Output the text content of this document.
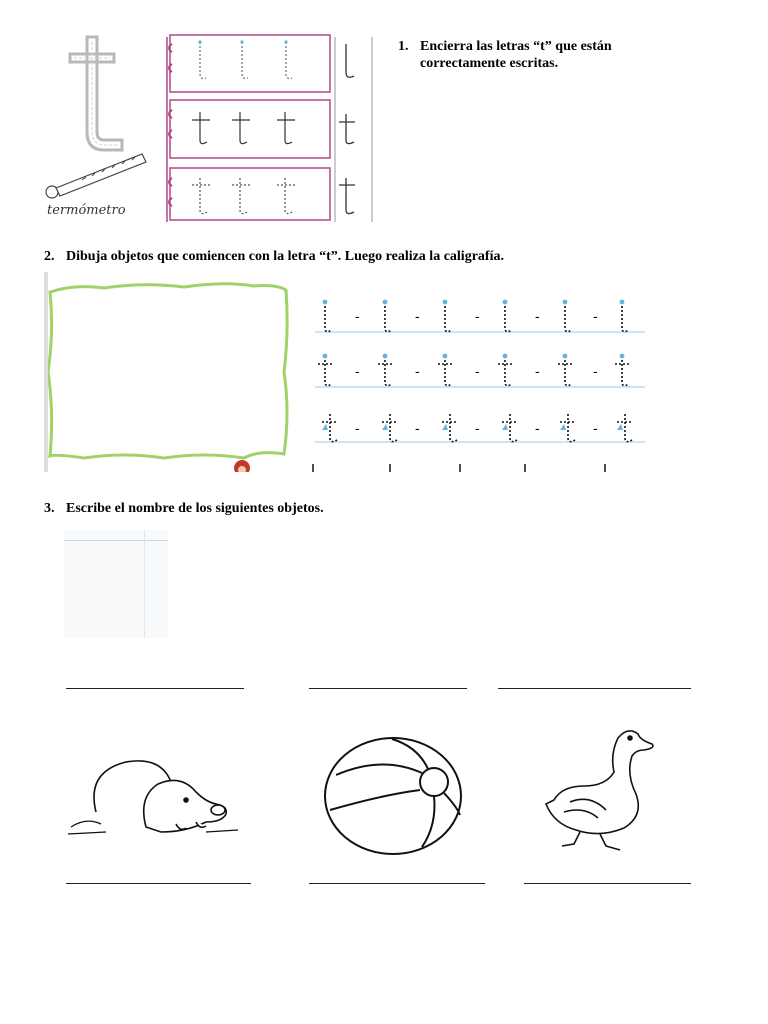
termómetro
1. Encierra las letras “t” que están
correctamente escritas.
2. Dibuja objetos que comiencen con la letra “t”. Luego realiza la caligrafía.
-	-	-	-	-
-	-	-	-	-
-	-	-	-	-
3. Escribe el nombre de los siguientes objetos.
